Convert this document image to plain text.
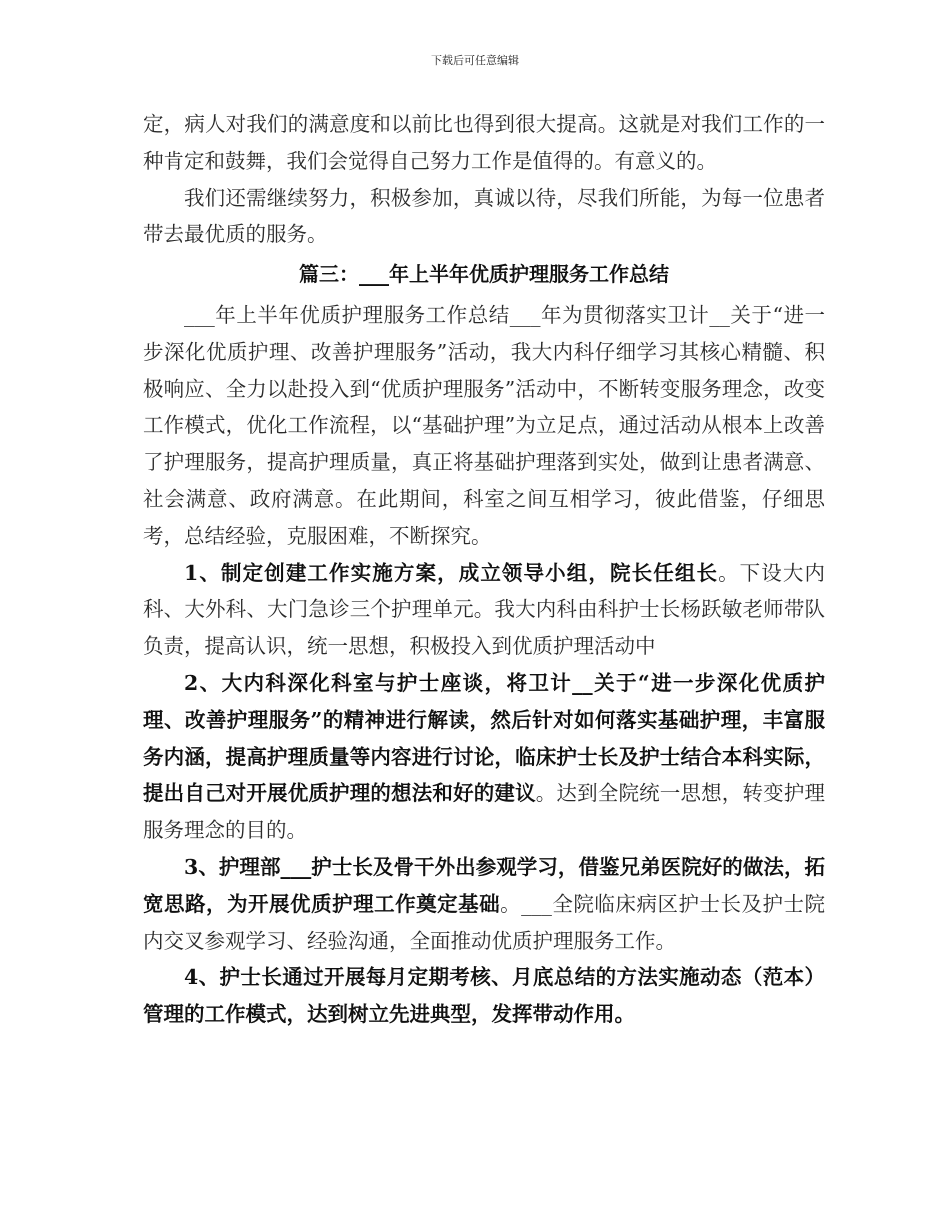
下载后可任意编辑

定，病人对我们的满意度和以前比也得到很大提高。这就是对我们工作的一种肯定和鼓舞，我们会觉得自己努力工作是值得的。有意义的。

我们还需继续努力，积极参加，真诚以待，尽我们所能，为每一位患者带去最优质的服务。

篇三：___年上半年优质护理服务工作总结

___年上半年优质护理服务工作总结___年为贯彻落实卫计__关于“进一步深化优质护理、改善护理服务”活动，我大内科仔细学习其核心精髓、积极响应、全力以赴投入到“优质护理服务”活动中，不断转变服务理念，改变工作模式，优化工作流程，以“基础护理”为立足点，通过活动从根本上改善了护理服务，提高护理质量，真正将基础护理落到实处，做到让患者满意、社会满意、政府满意。在此期间，科室之间互相学习，彼此借鉴，仔细思考，总结经验，克服困难，不断探究。

1、制定创建工作实施方案，成立领导小组，院长任组长。下设大内科、大外科、大门急诊三个护理单元。我大内科由科护士长杨跃敏老师带队负责，提高认识，统一思想，积极投入到优质护理活动中

2、大内科深化科室与护士座谈，将卫计__关于“进一步深化优质护理、改善护理服务”的精神进行解读，然后针对如何落实基础护理，丰富服务内涵，提高护理质量等内容进行讨论，临床护士长及护士结合本科实际，提出自己对开展优质护理的想法和好的建议。达到全院统一思想，转变护理服务理念的目的。

3、护理部___护士长及骨干外出参观学习，借鉴兄弟医院好的做法，拓宽思路，为开展优质护理工作奠定基础。___全院临床病区护士长及护士院内交叉参观学习、经验沟通，全面推动优质护理服务工作。

4、护士长通过开展每月定期考核、月底总结的方法实施动态（范本）管理的工作模式，达到树立先进典型，发挥带动作用。
